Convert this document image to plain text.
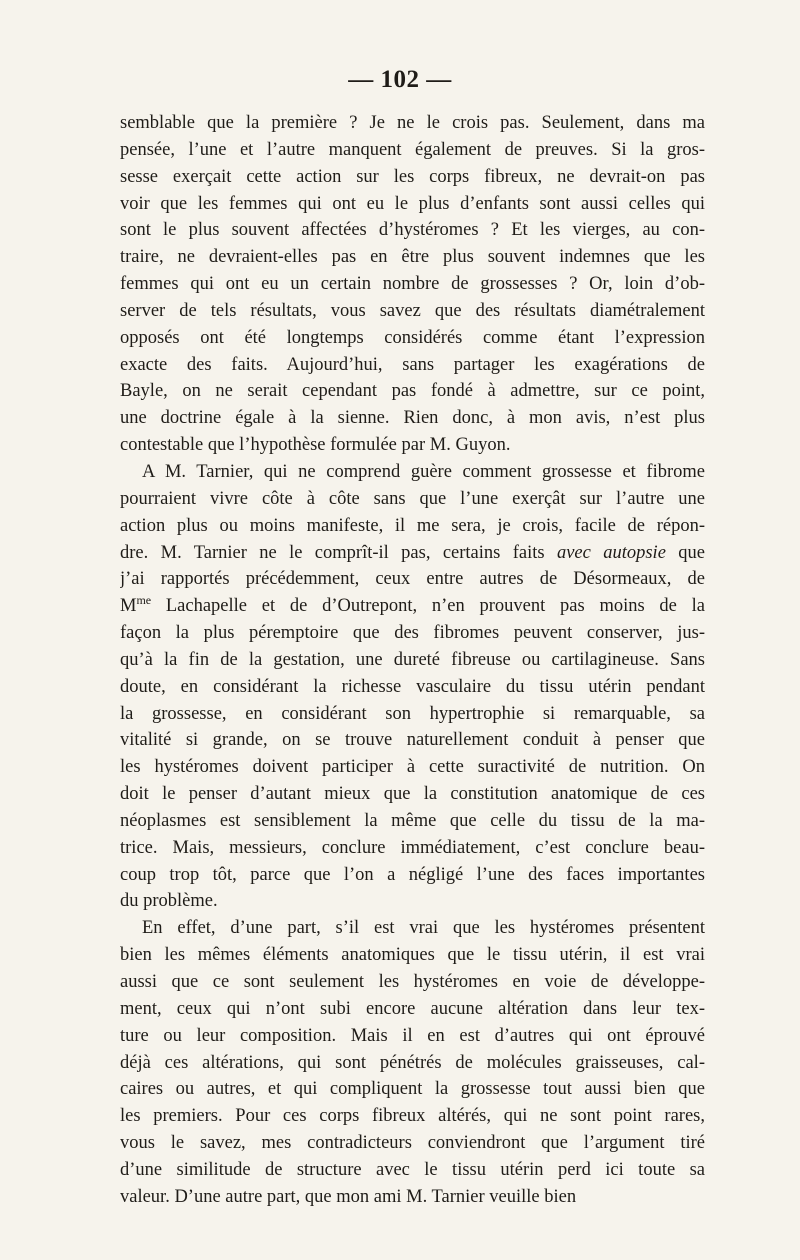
— 102 —
semblable que la première ? Je ne le crois pas. Seulement, dans ma
pensée, l’une et l’autre manquent également de preuves. Si la gros-
sesse exerçait cette action sur les corps fibreux, ne devrait-on pas
voir que les femmes qui ont eu le plus d’enfants sont aussi celles qui
sont le plus souvent affectées d’hystéromes ? Et les vierges, au con-
traire, ne devraient-elles pas en être plus souvent indemnes que les
femmes qui ont eu un certain nombre de grossesses ? Or, loin d’ob-
server de tels résultats, vous savez que des résultats diamétralement
opposés ont été longtemps considérés comme étant l’expression
exacte des faits. Aujourd’hui, sans partager les exagérations de
Bayle, on ne serait cependant pas fondé à admettre, sur ce point,
une doctrine égale à la sienne. Rien donc, à mon avis, n’est plus
contestable que l’hypothèse formulée par M. Guyon.
A M. Tarnier, qui ne comprend guère comment grossesse et fibrome
pourraient vivre côte à côte sans que l’une exerçât sur l’autre une
action plus ou moins manifeste, il me sera, je crois, facile de répon-
dre. M. Tarnier ne le comprît-il pas, certains faits avec autopsie que
j’ai rapportés précédemment, ceux entre autres de Désormeaux, de
$M^{me}$ Lachapelle et de d’Outrepont, n’en prouvent pas moins de la
façon la plus péremptoire que des fibromes peuvent conserver, jus-
qu’à la fin de la gestation, une dureté fibreuse ou cartilagineuse. Sans
doute, en considérant la richesse vasculaire du tissu utérin pendant
la grossesse, en considérant son hypertrophie si remarquable, sa
vitalité si grande, on se trouve naturellement conduit à penser que
les hystéromes doivent participer à cette suractivité de nutrition. On
doit le penser d’autant mieux que la constitution anatomique de ces
néoplasmes est sensiblement la même que celle du tissu de la ma-
trice. Mais, messieurs, conclure immédiatement, c’est conclure beau-
coup trop tôt, parce que l’on a négligé l’une des faces importantes
du problème.
En effet, d’une part, s’il est vrai que les hystéromes présentent
bien les mêmes éléments anatomiques que le tissu utérin, il est vrai
aussi que ce sont seulement les hystéromes en voie de développe-
ment, ceux qui n’ont subi encore aucune altération dans leur tex-
ture ou leur composition. Mais il en est d’autres qui ont éprouvé
déjà ces altérations, qui sont pénétrés de molécules graisseuses, cal-
caires ou autres, et qui compliquent la grossesse tout aussi bien que
les premiers. Pour ces corps fibreux altérés, qui ne sont point rares,
vous le savez, mes contradicteurs conviendront que l’argument tiré
d’une similitude de structure avec le tissu utérin perd ici toute sa
valeur. D’une autre part, que mon ami M. Tarnier veuille bien
